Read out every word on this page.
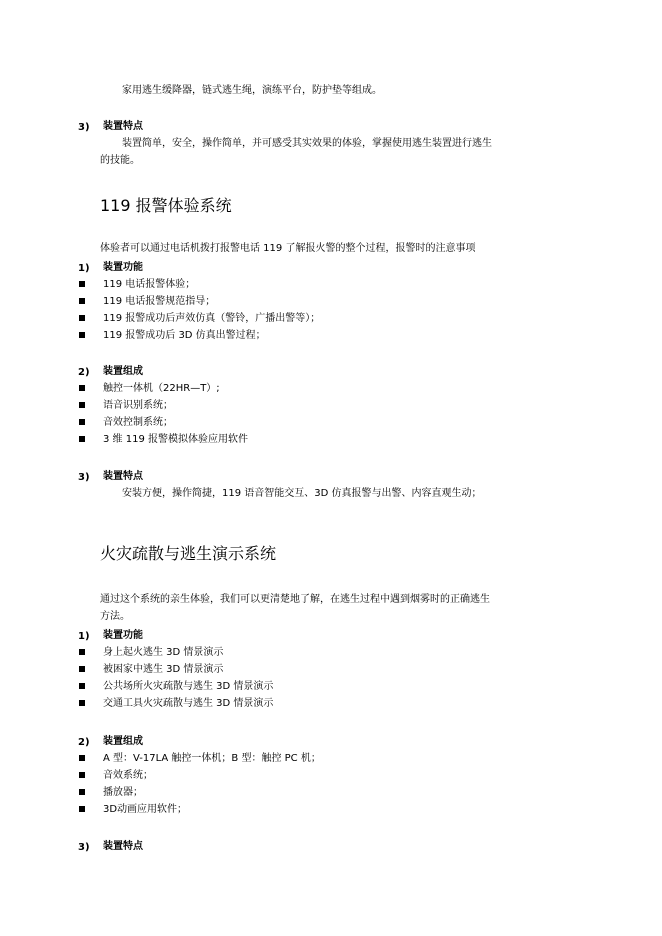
家用逃生缓降器，链式逃生绳，演练平台，防护垫等组成。
3) 装置特点
装置简单，安全，操作简单，并可感受其实效果的体验，掌握使用逃生装置进行逃生
的技能。
119 报警体验系统
体验者可以通过电话机拨打报警电话 119 了解报火警的整个过程，报警时的注意事项
1) 装置功能
119 电话报警体验；
119 电话报警规范指导；
119 报警成功后声效仿真（警铃，广播出警等）；
119 报警成功后 3D 仿真出警过程；
2) 装置组成
触控一体机（22HR—T）;
语音识别系统；
音效控制系统；
3 维 119 报警模拟体验应用软件
3) 装置特点
安装方便，操作简捷，119 语音智能交互、3D 仿真报警与出警、内容直观生动；
火灾疏散与逃生演示系统
通过这个系统的亲生体验，我们可以更清楚地了解，在逃生过程中遇到烟雾时的正确逃生
方法。
1) 装置功能
身上起火逃生 3D 情景演示
被困家中逃生 3D 情景演示
公共场所火灾疏散与逃生 3D 情景演示
交通工具火灾疏散与逃生 3D 情景演示
2) 装置组成
A 型：V-17LA 触控一体机；B 型：触控 PC 机；
音效系统；
播放器；
3D动画应用软件；
3) 装置特点
